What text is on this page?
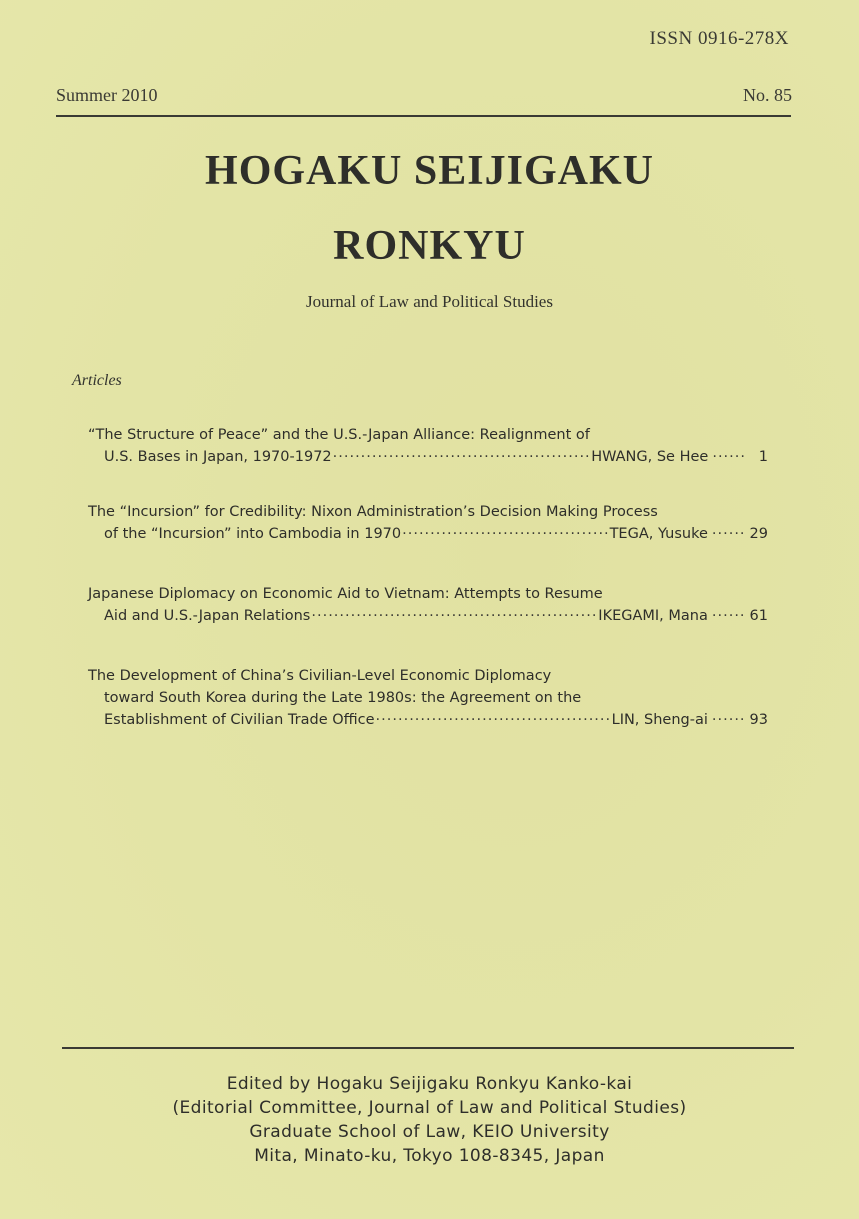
ISSN 0916-278X
Summer 2010	No. 85
HOGAKU SEIJIGAKU
RONKYU
Journal of Law and Political Studies
Articles
“The Structure of Peace” and the U.S.-Japan Alliance: Realignment of
U.S. Bases in Japan, 1970-1972 ·····	HWANG, Se Hee ······ 1
The “Incursion” for Credibility: Nixon Administration’s Decision Making Process
of the “Incursion” into Cambodia in 1970 ·····	TEGA, Yusuke ······ 29
Japanese Diplomacy on Economic Aid to Vietnam: Attempts to Resume
Aid and U.S.-Japan Relations ·····	IKEGAMI, Mana ······ 61
The Development of China’s Civilian-Level Economic Diplomacy
toward South Korea during the Late 1980s: the Agreement on the
Establishment of Civilian Trade Office ·····	LIN, Sheng-ai ······ 93
Edited by Hogaku Seijigaku Ronkyu Kanko-kai
(Editorial Committee, Journal of Law and Political Studies)
Graduate School of Law, KEIO University
Mita, Minato-ku, Tokyo 108-8345, Japan
